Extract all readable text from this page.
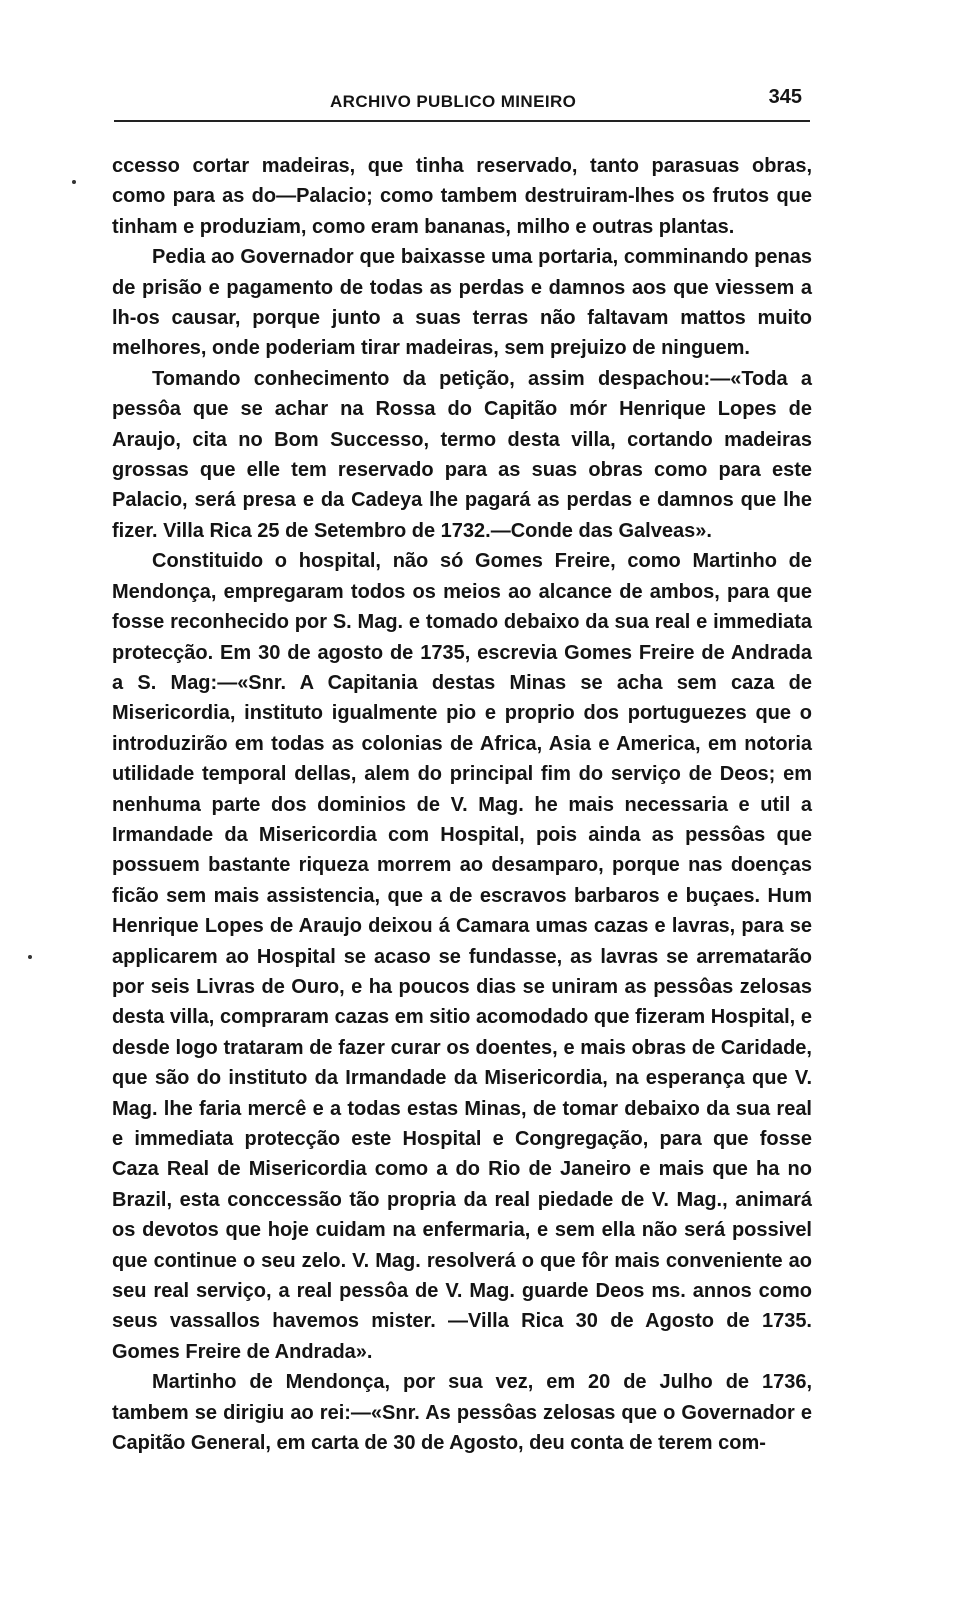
ARCHIVO PUBLICO MINEIRO	345

ccesso cortar madeiras, que tinha reservado, tanto parasuas obras, como para as do—Palacio; como tambem destruiram-lhes os frutos que tinham e produziam, como eram bananas, milho e outras plantas.

Pedia ao Governador que baixasse uma portaria, comminando penas de prisão e pagamento de todas as perdas e damnos aos que viessem a lh-os causar, porque junto a suas terras não faltavam mattos muito melhores, onde poderiam tirar madeiras, sem prejuizo de ninguem.

Tomando conhecimento da petição, assim despachou:—«Toda a pessôa que se achar na Rossa do Capitão mór Henrique Lopes de Araujo, cita no Bom Successo, termo desta villa, cortando madeiras grossas que elle tem reservado para as suas obras como para este Palacio, será presa e da Cadeya lhe pagará as perdas e damnos que lhe fizer. Villa Rica 25 de Setembro de 1732.—Conde das Galveas».

Constituido o hospital, não só Gomes Freire, como Martinho de Mendonça, empregaram todos os meios ao alcance de ambos, para que fosse reconhecido por S. Mag. e tomado debaixo da sua real e immediata protecção. Em 30 de agosto de 1735, escrevia Gomes Freire de Andrada a S. Mag:—«Snr. A Capitania destas Minas se acha sem caza de Misericordia, instituto igualmente pio e proprio dos portuguezes que o introduzirão em todas as colonias de Africa, Asia e America, em notoria utilidade temporal dellas, alem do principal fim do serviço de Deos; em nenhuma parte dos dominios de V. Mag. he mais necessaria e util a Irmandade da Misericordia com Hospital, pois ainda as pessôas que possuem bastante riqueza morrem ao desamparo, porque nas doenças ficão sem mais assistencia, que a de escravos barbaros e buçaes. Hum Henrique Lopes de Araujo deixou á Camara umas cazas e lavras, para se applicarem ao Hospital se acaso se fundasse, as lavras se arrematarão por seis Livras de Ouro, e ha poucos dias se uniram as pessôas zelosas desta villa, compraram cazas em sitio acomodado que fizeram Hospital, e desde logo trataram de fazer curar os doentes, e mais obras de Caridade, que são do instituto da Irmandade da Misericordia, na esperança que V. Mag. lhe faria mercê e a todas estas Minas, de tomar debaixo da sua real e immediata protecção este Hospital e Congregação, para que fosse Caza Real de Misericordia como a do Rio de Janeiro e mais que ha no Brazil, esta conccessão tão propria da real piedade de V. Mag., animará os devotos que hoje cuidam na enfermaria, e sem ella não será possivel que continue o seu zelo. V. Mag. resolverá o que fôr mais conveniente ao seu real serviço, a real pessôa de V. Mag. guarde Deos ms. annos como seus vassallos havemos mister. —Villa Rica 30 de Agosto de 1735. Gomes Freire de Andrada».

Martinho de Mendonça, por sua vez, em 20 de Julho de 1736, tambem se dirigiu ao rei:—«Snr. As pessôas zelosas que o Governador e Capitão General, em carta de 30 de Agosto, deu conta de terem com-
